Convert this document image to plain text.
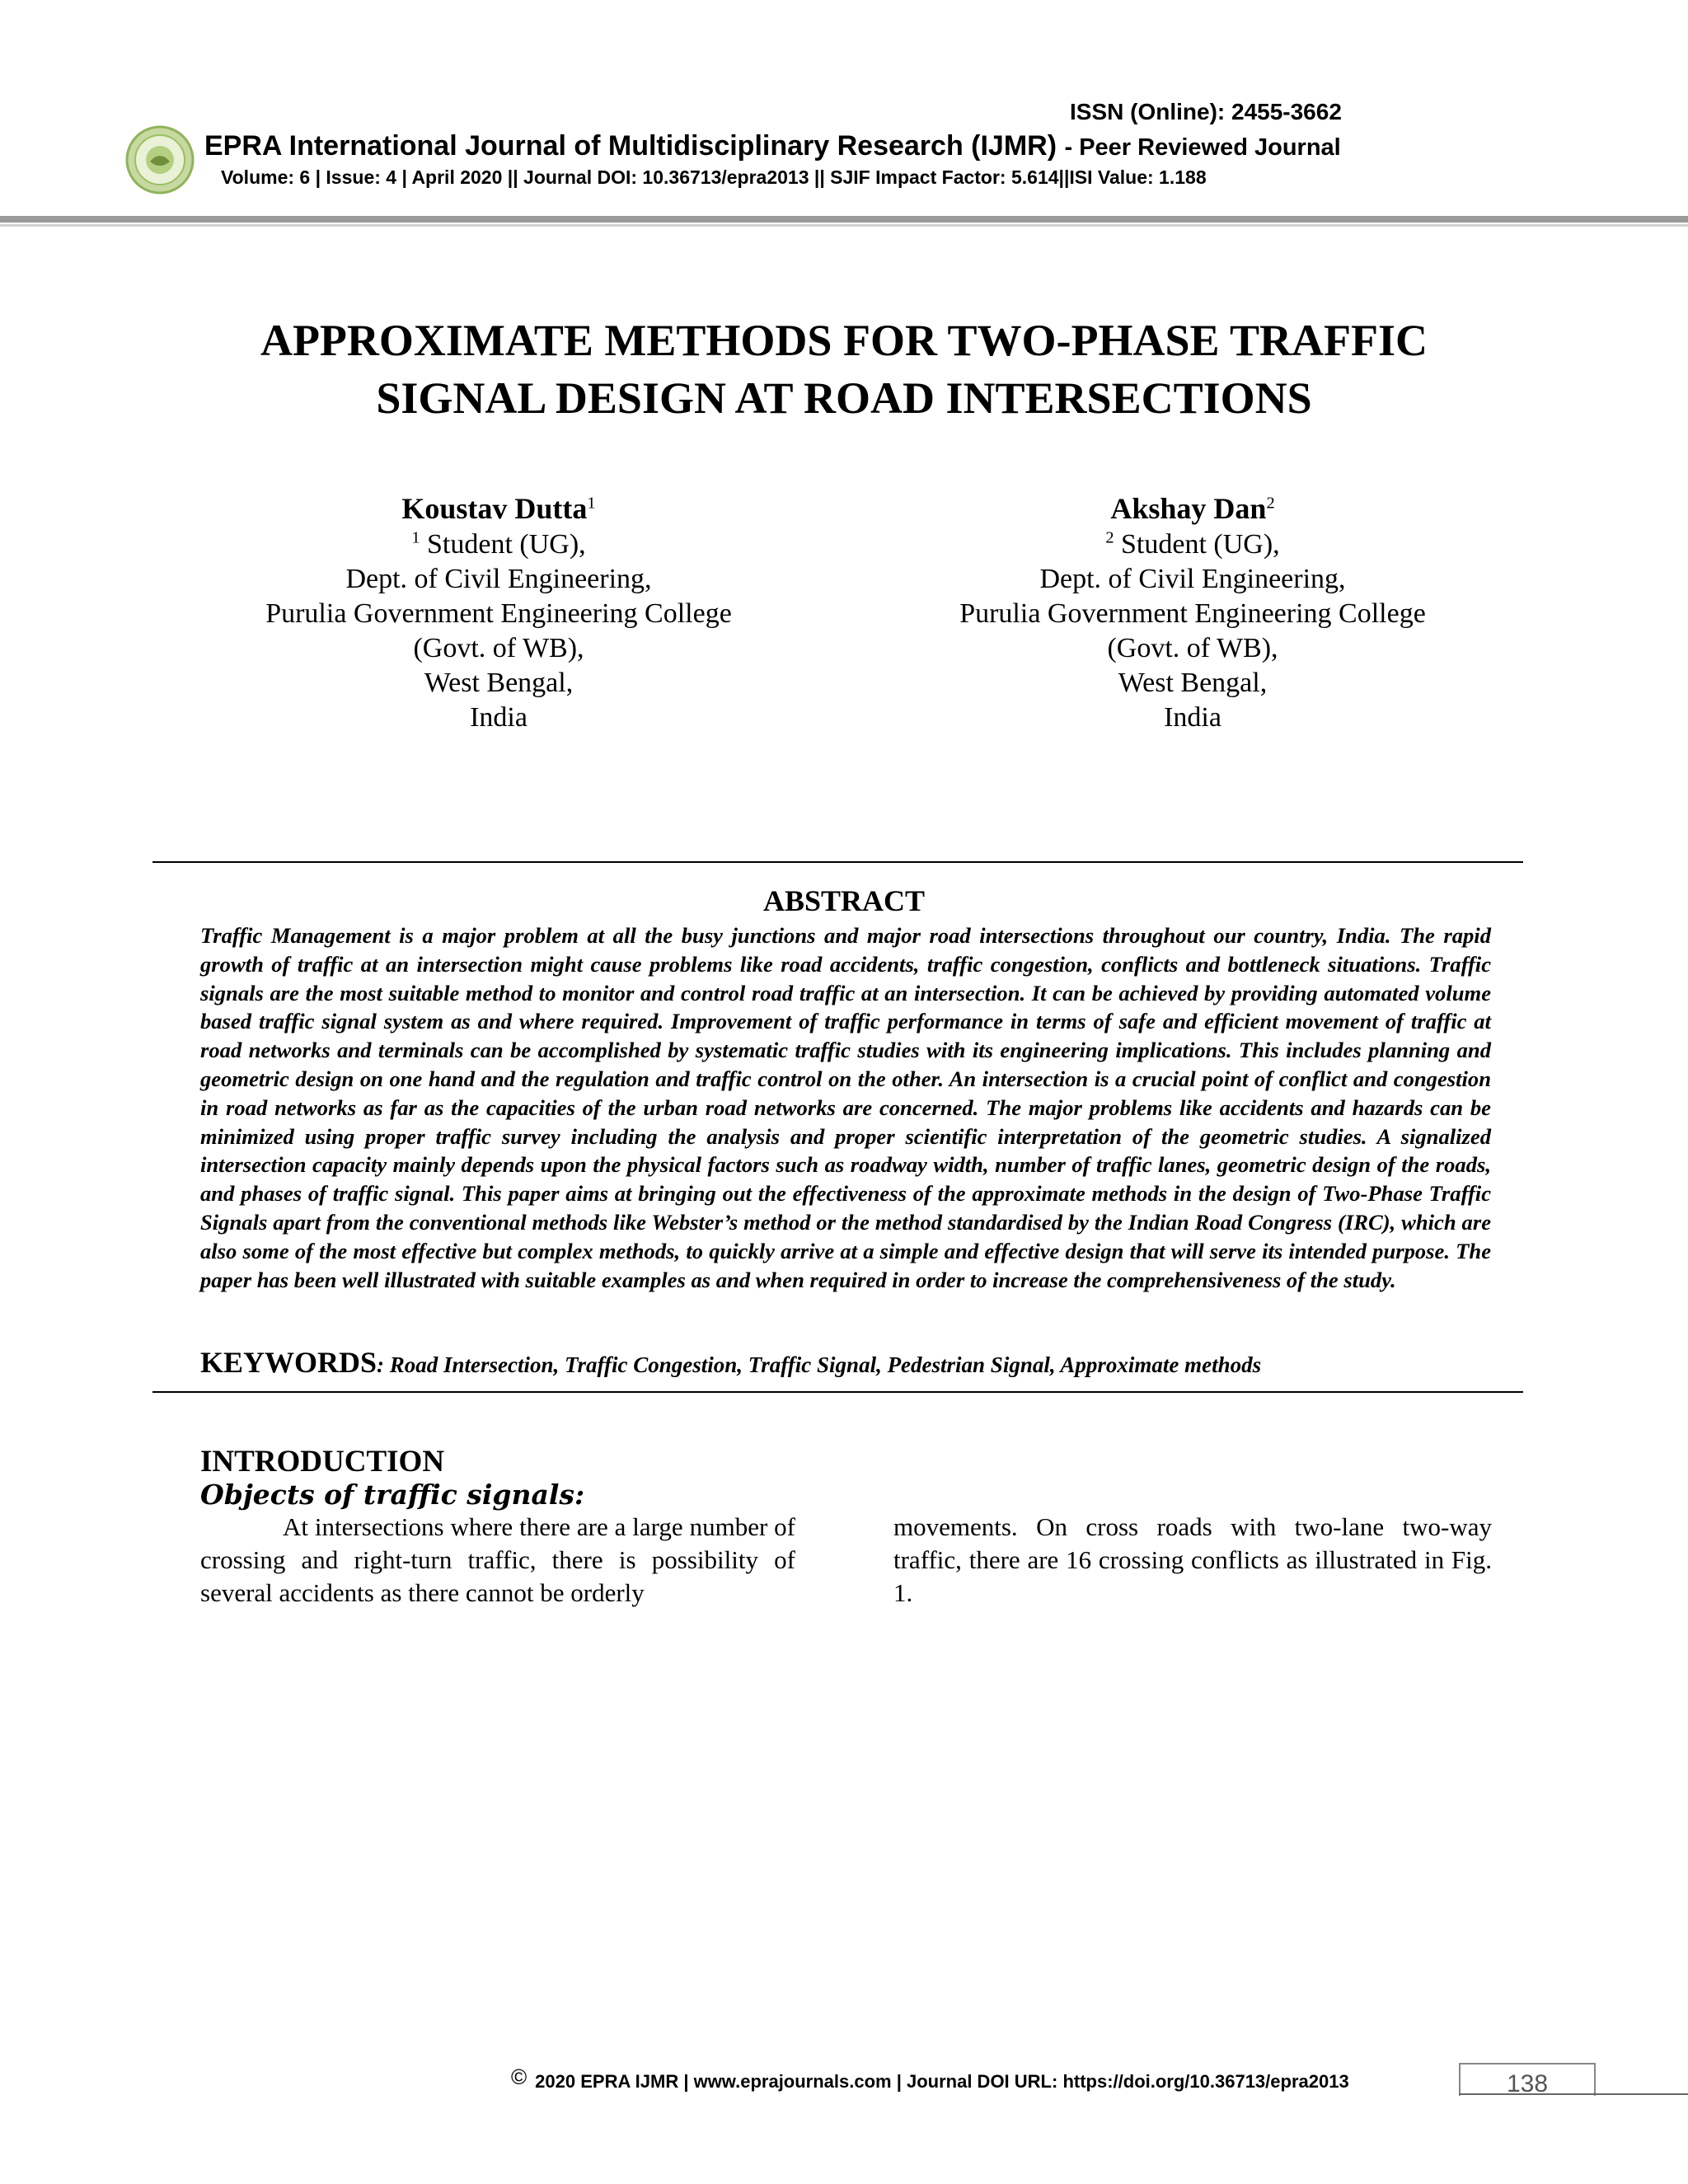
ISSN (Online): 2455-3662
EPRA International Journal of Multidisciplinary Research (IJMR) - Peer Reviewed Journal
Volume: 6 | Issue: 4 | April 2020 || Journal DOI: 10.36713/epra2013 || SJIF Impact Factor: 5.614||ISI Value: 1.188
APPROXIMATE METHODS FOR TWO-PHASE TRAFFIC
SIGNAL DESIGN AT ROAD INTERSECTIONS
Koustav Dutta$^1$
$^1$ Student (UG),
Dept. of Civil Engineering,
Purulia Government Engineering College
(Govt. of WB),
West Bengal,
India
Akshay Dan$^2$
$^2$ Student (UG),
Dept. of Civil Engineering,
Purulia Government Engineering College
(Govt. of WB),
West Bengal,
India
ABSTRACT
Traffic Management is a major problem at all the busy junctions and major road intersections throughout our country, India. The rapid growth of traffic at an intersection might cause problems like road accidents, traffic congestion, conflicts and bottleneck situations. Traffic signals are the most suitable method to monitor and control road traffic at an intersection. It can be achieved by providing automated volume based traffic signal system as and where required. Improvement of traffic performance in terms of safe and efficient movement of traffic at road networks and terminals can be accomplished by systematic traffic studies with its engineering implications. This includes planning and geometric design on one hand and the regulation and traffic control on the other. An intersection is a crucial point of conflict and congestion in road networks as far as the capacities of the urban road networks are concerned. The major problems like accidents and hazards can be minimized using proper traffic survey including the analysis and proper scientific interpretation of the geometric studies. A signalized intersection capacity mainly depends upon the physical factors such as roadway width, number of traffic lanes, geometric design of the roads, and phases of traffic signal. This paper aims at bringing out the effectiveness of the approximate methods in the design of Two-Phase Traffic Signals apart from the conventional methods like Webster’s method or the method standardised by the Indian Road Congress (IRC), which are also some of the most effective but complex methods, to quickly arrive at a simple and effective design that will serve its intended purpose. The paper has been well illustrated with suitable examples as and when required in order to increase the comprehensiveness of the study.
KEYWORDS: Road Intersection, Traffic Congestion, Traffic Signal, Pedestrian Signal, Approximate methods
INTRODUCTION
Objects of traffic signals:
At intersections where there are a large number of crossing and right-turn traffic, there is possibility of several accidents as there cannot be orderly
movements. On cross roads with two-lane two-way traffic, there are 16 crossing conflicts as illustrated in Fig. 1.
© 2020 EPRA IJMR | www.eprajournals.com | Journal DOI URL: https://doi.org/10.36713/epra2013	138
